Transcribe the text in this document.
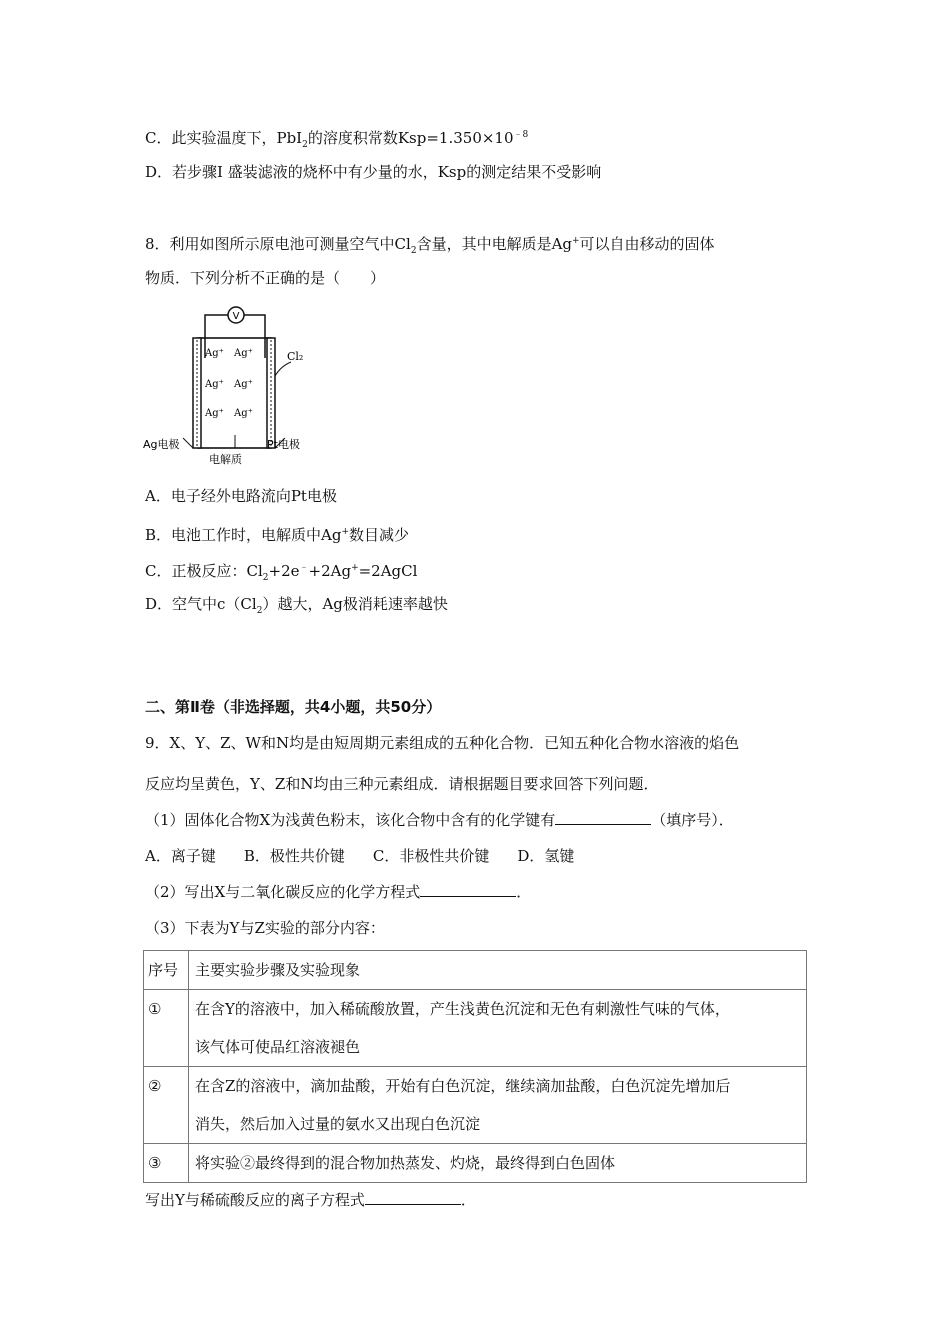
C．此实验温度下，PbI$_2$的溶度积常数$Ksp=1.350\times 10^{﹣8}$
D．若步骤Ⅰ 盛装滤液的烧杯中有少量的水，Ksp的测定结果不受影响
8．利用如图所示原电池可测量空气中$Cl_2$含量，其中电解质是Ag+可以自由移动的固体
物质．下列分析不正确的是（　　）
V
Ag⁺ Ag⁺
Ag⁺ Ag⁺
Ag⁺ Ag⁺
Cl₂
Ag电极	Pt电极
电解质
A．电子经外电路流向Pt电极
B．电池工作时，电解质中Ag+数目减少
C．正极反应：$Cl_2+2e^﹣+2Ag^+=2AgCl$
D．空气中$c(Cl_2)$越大，Ag极消耗速率越快
二、第Ⅱ卷（非选择题，共4小题，共50分）
9．X、Y、Z、W和N均是由短周期元素组成的五种化合物．已知五种化合物水溶液的焰色
反应均呈黄色，Y、Z和N均由三种元素组成．请根据题目要求回答下列问题．
（1）固体化合物X为浅黄色粉末，该化合物中含有的化学键有	（填序号）．
A．离子键 B．极性共价键 C．非极性共价键 D．氢键
（2）写出X与二氧化碳反应的化学方程式	．
（3）下表为Y与Z实验的部分内容：
序号	主要实验步骤及实验现象
①	在含Y的溶液中，加入稀硫酸放置，产生浅黄色沉淀和无色有刺激性气味的气体，
该气体可使品红溶液褪色

②	在含Z的溶液中，滴加盐酸，开始有白色沉淀，继续滴加盐酸，白色沉淀先增加后
消失，然后加入过量的氨水又出现白色沉淀

③	将实验②最终得到的混合物加热蒸发、灼烧，最终得到白色固体
写出Y与稀硫酸反应的离子方程式	．
